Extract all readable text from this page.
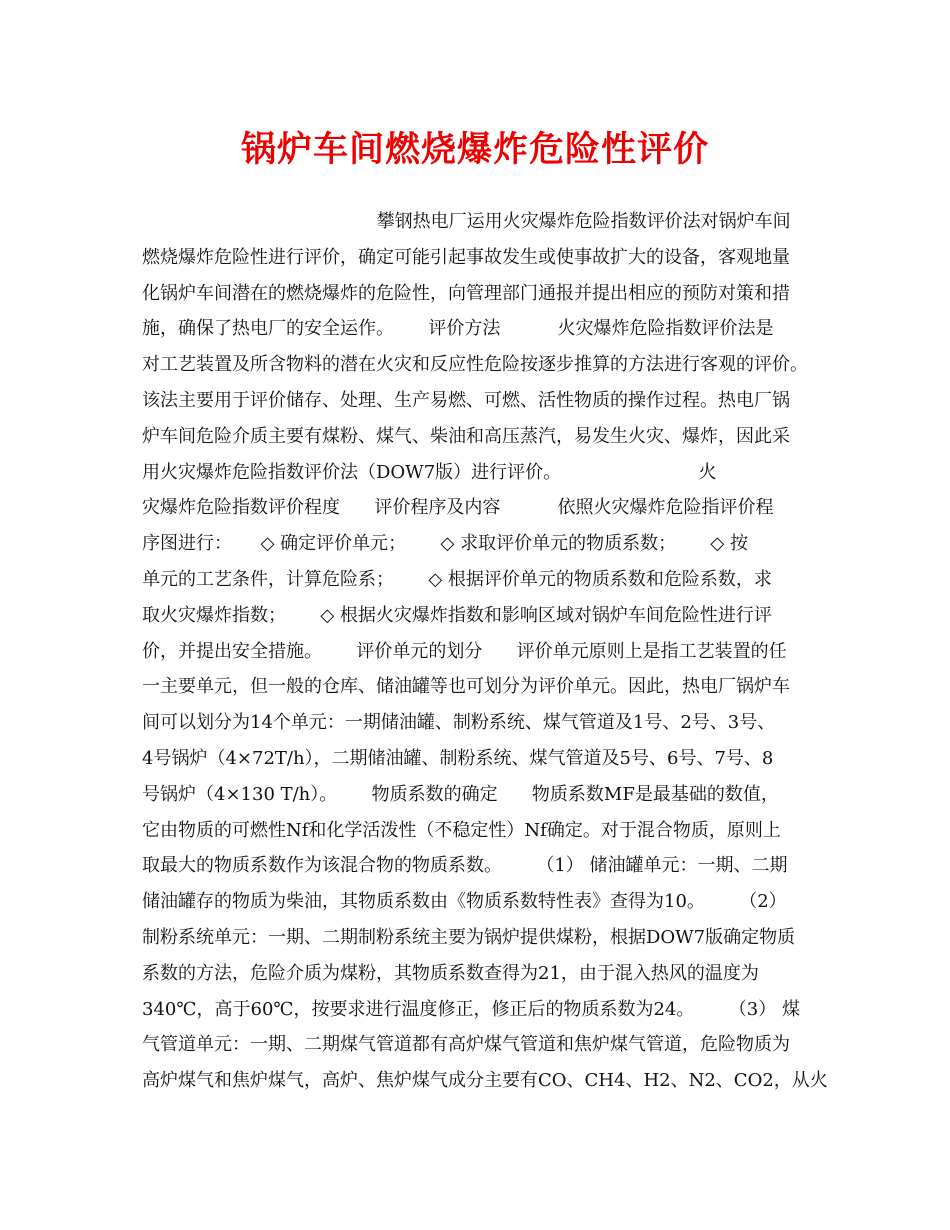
锅炉车间燃烧爆炸危险性评价
攀钢热电厂运用火灾爆炸危险指数评价法对锅炉车间
燃烧爆炸危险性进行评价，确定可能引起事故发生或使事故扩大的设备，客观地量
化锅炉车间潜在的燃烧爆炸的危险性，向管理部门通报并提出相应的预防对策和措
施，确保了热电厂的安全运作。      评价方法          火灾爆炸危险指数评价法是
对工艺装置及所含物料的潜在火灾和反应性危险按逐步推算的方法进行客观的评价。
该法主要用于评价储存、处理、生产易燃、可燃、活性物质的操作过程。热电厂锅
炉车间危险介质主要有煤粉、煤气、柴油和高压蒸汽，易发生火灾、爆炸，因此采
用火灾爆炸危险指数评价法（DOW7版）进行评价。                        火
灾爆炸危险指数评价程度      评价程序及内容          依照火灾爆炸危险指评价程
序图进行：     ◇ 确定评价单元；      ◇ 求取评价单元的物质系数；      ◇ 按
单元的工艺条件，计算危险系；      ◇ 根据评价单元的物质系数和危险系数，求
取火灾爆炸指数；      ◇ 根据火灾爆炸指数和影响区域对锅炉车间危险性进行评
价，并提出安全措施。      评价单元的划分      评价单元原则上是指工艺装置的任
一主要单元，但一般的仓库、储油罐等也可划分为评价单元。因此，热电厂锅炉车
间可以划分为14个单元：一期储油罐、制粉系统、煤气管道及1号、2号、3号、
4号锅炉（4×72T/h），二期储油罐、制粉系统、煤气管道及5号、6号、7号、8
号锅炉（4×130 T/h）。      物质系数的确定      物质系数MF是最基础的数值，
它由物质的可燃性Nf和化学活泼性（不稳定性）Nf确定。对于混合物质，原则上
取最大的物质系数作为该混合物的物质系数。      （1） 储油罐单元：一期、二期
储油罐存的物质为柴油，其物质系数由《物质系数特性表》查得为10。      （2）
制粉系统单元：一期、二期制粉系统主要为锅炉提供煤粉，根据DOW7版确定物质
系数的方法，危险介质为煤粉，其物质系数查得为21，由于混入热风的温度为
340℃，高于60℃，按要求进行温度修正，修正后的物质系数为24。      （3） 煤
气管道单元：一期、二期煤气管道都有高炉煤气管道和焦炉煤气管道，危险物质为
高炉煤气和焦炉煤气，高炉、焦炉煤气成分主要有CO、CH4、H2、N2、CO2，从火
